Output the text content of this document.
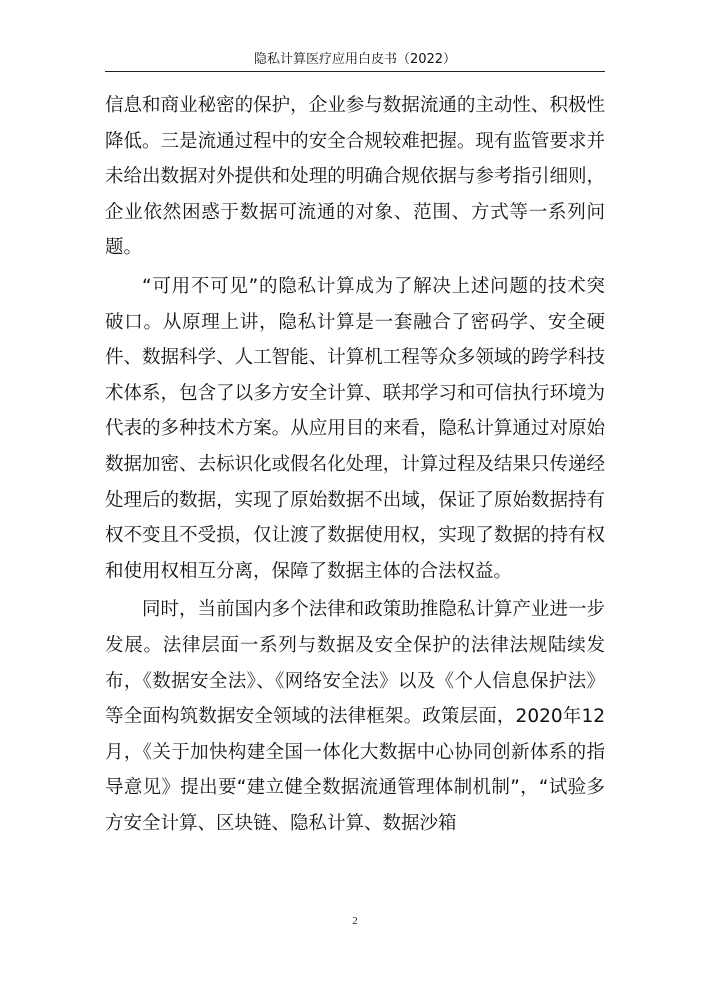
隐私计算医疗应用白皮书（2022）

信息和商业秘密的保护，企业参与数据流通的主动性、积极性降低。三是流通过程中的安全合规较难把握。现有监管要求并未给出数据对外提供和处理的明确合规依据与参考指引细则，企业依然困惑于数据可流通的对象、范围、方式等一系列问题。

“可用不可见”的隐私计算成为了解决上述问题的技术突破口。从原理上讲，隐私计算是一套融合了密码学、安全硬件、数据科学、人工智能、计算机工程等众多领域的跨学科技术体系，包含了以多方安全计算、联邦学习和可信执行环境为代表的多种技术方案。从应用目的来看，隐私计算通过对原始数据加密、去标识化或假名化处理，计算过程及结果只传递经处理后的数据，实现了原始数据不出域，保证了原始数据持有权不变且不受损，仅让渡了数据使用权，实现了数据的持有权和使用权相互分离，保障了数据主体的合法权益。

同时，当前国内多个法律和政策助推隐私计算产业进一步发展。法律层面一系列与数据及安全保护的法律法规陆续发布，《数据安全法》、《网络安全法》以及《个人信息保护法》等全面构筑数据安全领域的法律框架。政策层面，2020年12月，《关于加快构建全国一体化大数据中心协同创新体系的指导意见》提出要“建立健全数据流通管理体制机制”，“试验多方安全计算、区块链、隐私计算、数据沙箱

2
